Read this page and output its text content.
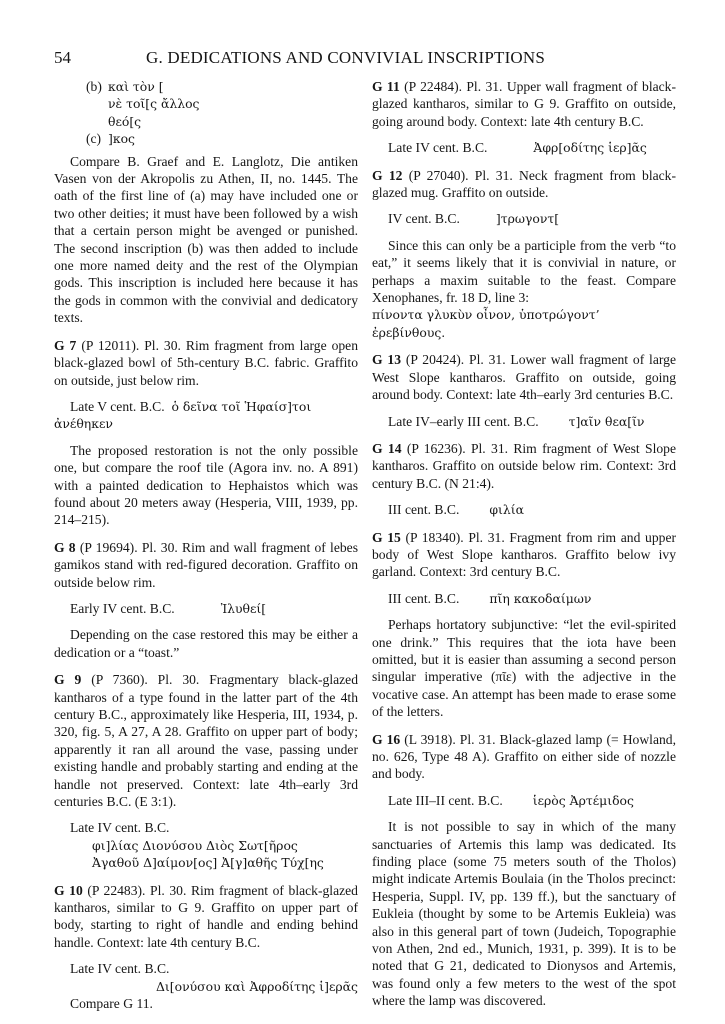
54	G. DEDICATIONS AND CONVIVIAL INSCRIPTIONS

(b) καὶ τὸν [

νὲ τοῖ[ς ἄλλος

θεό[ς

(c) ]κος

Compare B. Graef and E. Langlotz, Die antiken Vasen von der Akropolis zu Athen, II, no. 1445. The oath of the first line of (a) may have included one or two other deities; it must have been followed by a wish that a certain person might be avenged or punished. The second inscription (b) was then added to include one more named deity and the rest of the Olympian gods. This inscription is included here because it has the gods in common with the convivial and dedicatory texts.

G 7 (P 12011). Pl. 30. Rim fragment from large open black-glazed bowl of 5th-century B.C. fabric. Graffito on outside, just below rim.

Late V cent. B.C. ὁ δεῖνα τοῖ Ἡφαίσ]τοι ἀνέθηκεν

The proposed restoration is not the only possible one, but compare the roof tile (Agora inv. no. A 891) with a painted dedication to Hephaistos which was found about 20 meters away (Hesperia, VIII, 1939, pp. 214–215).

G 8 (P 19694). Pl. 30. Rim and wall fragment of lebes gamikos stand with red-figured decoration. Graffito on outside below rim.

Early IV cent. B.C.	Ἰλυθεί[

Depending on the case restored this may be either a dedication or a “toast.”

G 9 (P 7360). Pl. 30. Fragmentary black-glazed kantharos of a type found in the latter part of the 4th century B.C., approximately like Hesperia, III, 1934, p. 320, fig. 5, A 27, A 28. Graffito on upper part of body; apparently it ran all around the vase, passing under existing handle and probably starting and ending at the handle not preserved. Context: late 4th–early 3rd centuries B.C. (E 3:1).

Late IV cent. B.C.

φι]λίας Διονύσου Διὸς Σωτ[ῆρος

Ἀγαθοῦ Δ]αίμον[ος] Ἀ[γ]αθῆς Τύχ[ης

G 10 (P 22483). Pl. 30. Rim fragment of black-glazed kantharos, similar to G 9. Graffito on upper part of body, starting to right of handle and ending behind handle. Context: late 4th century B.C.

Late IV cent. B.C.

Δι[ονύσου καὶ Ἀφροδίτης ἱ]ερᾶς

Compare G 11.

G 11 (P 22484). Pl. 31. Upper wall fragment of black-glazed kantharos, similar to G 9. Graffito on outside, going around body. Context: late 4th century B.C.

Late IV cent. B.C.	Ἀφρ[οδίτης ἱερ]ᾶς

G 12 (P 27040). Pl. 31. Neck fragment from black-glazed mug. Graffito on outside.

IV cent. B.C.	]τρωγοντ[

Since this can only be a participle from the verb “to eat,” it seems likely that it is convivial in nature, or perhaps a maxim suitable to the feast. Compare Xenophanes, fr. 18 D, line 3:

πίνοντα γλυκὺν οἶνον, ὑποτρώγοντ’ ἐρεβίνθους.

G 13 (P 20424). Pl. 31. Lower wall fragment of large West Slope kantharos. Graffito on outside, going around body. Context: late 4th–early 3rd centuries B.C.

Late IV–early III cent. B.C. τ]αῖν θεα[ῖν

G 14 (P 16236). Pl. 31. Rim fragment of West Slope kantharos. Graffito on outside below rim. Context: 3rd century B.C. (N 21:4).

III cent. B.C. φιλία

G 15 (P 18340). Pl. 31. Fragment from rim and upper body of West Slope kantharos. Graffito below ivy garland. Context: 3rd century B.C.

III cent. B.C. πῖη κακοδαίμων

Perhaps hortatory subjunctive: “let the evil-spirited one drink.” This requires that the iota have been omitted, but it is easier than assuming a second person singular imperative (πῖε) with the adjective in the vocative case. An attempt has been made to erase some of the letters.

G 16 (L 3918). Pl. 31. Black-glazed lamp (= Howland, no. 626, Type 48 A). Graffito on either side of nozzle and body.

Late III–II cent. B.C. ἱερὸς Ἀρτέμιδος

It is not possible to say in which of the many sanctuaries of Artemis this lamp was dedicated. Its finding place (some 75 meters south of the Tholos) might indicate Artemis Boulaia (in the Tholos precinct: Hesperia, Suppl. IV, pp. 139 ff.), but the sanctuary of Eukleia (thought by some to be Artemis Eukleia) was also in this general part of town (Judeich, Topographie von Athen, 2nd ed., Munich, 1931, p. 399). It is to be noted that G 21, dedicated to Dionysos and Artemis, was found only a few meters to the west of the spot where the lamp was discovered.
